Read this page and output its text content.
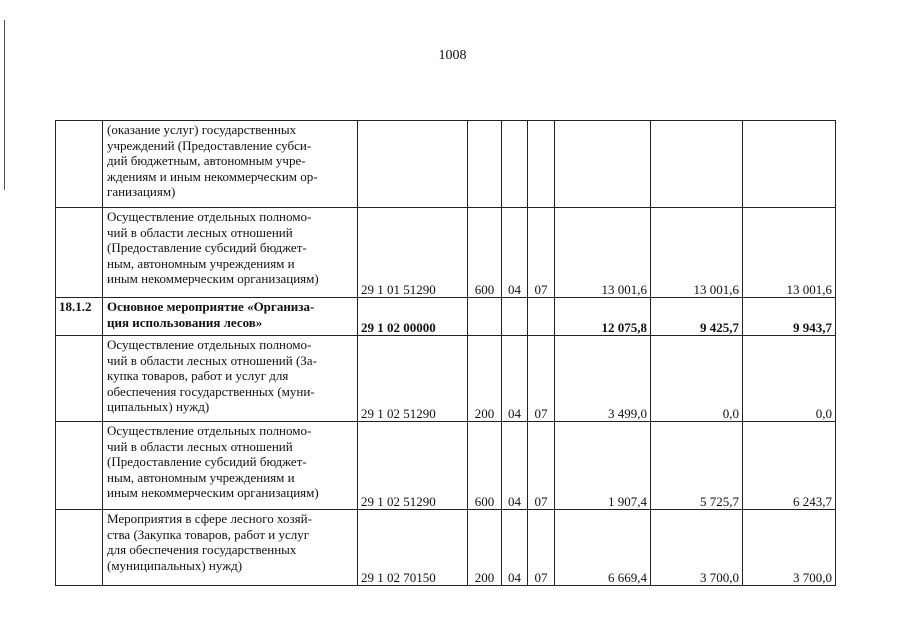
1008

	(оказание услуг) государственных
учреждений (Предоставление субси-
дий бюджетным, автономным учре-
ждениям и иным некоммерческим ор-
ганизациям)							

	Осуществление отдельных полномо-
чий в области лесных отношений
(Предоставление субсидий бюджет-
ным, автономным учреждениям и
иным некоммерческим организациям)	29 1 01 51290	600	04	07	13 001,6	13 001,6	13 001,6
18.1.2	Основное мероприятие «Организа-
ция использования лесов»	29 1 02 00000				12 075,8	9 425,7	9 943,7

	Осуществление отдельных полномо-
чий в области лесных отношений (За-
купка товаров, работ и услуг для
обеспечения государственных (муни-
ципальных) нужд)	29 1 02 51290	200	04	07	3 499,0	0,0	0,0

	Осуществление отдельных полномо-
чий в области лесных отношений
(Предоставление субсидий бюджет-
ным, автономным учреждениям и
иным некоммерческим организациям)	29 1 02 51290	600	04	07	1 907,4	5 725,7	6 243,7

	Мероприятия в сфере лесного хозяй-
ства (Закупка товаров, работ и услуг
для обеспечения государственных
(муниципальных) нужд)	29 1 02 70150	200	04	07	6 669,4	3 700,0	3 700,0
